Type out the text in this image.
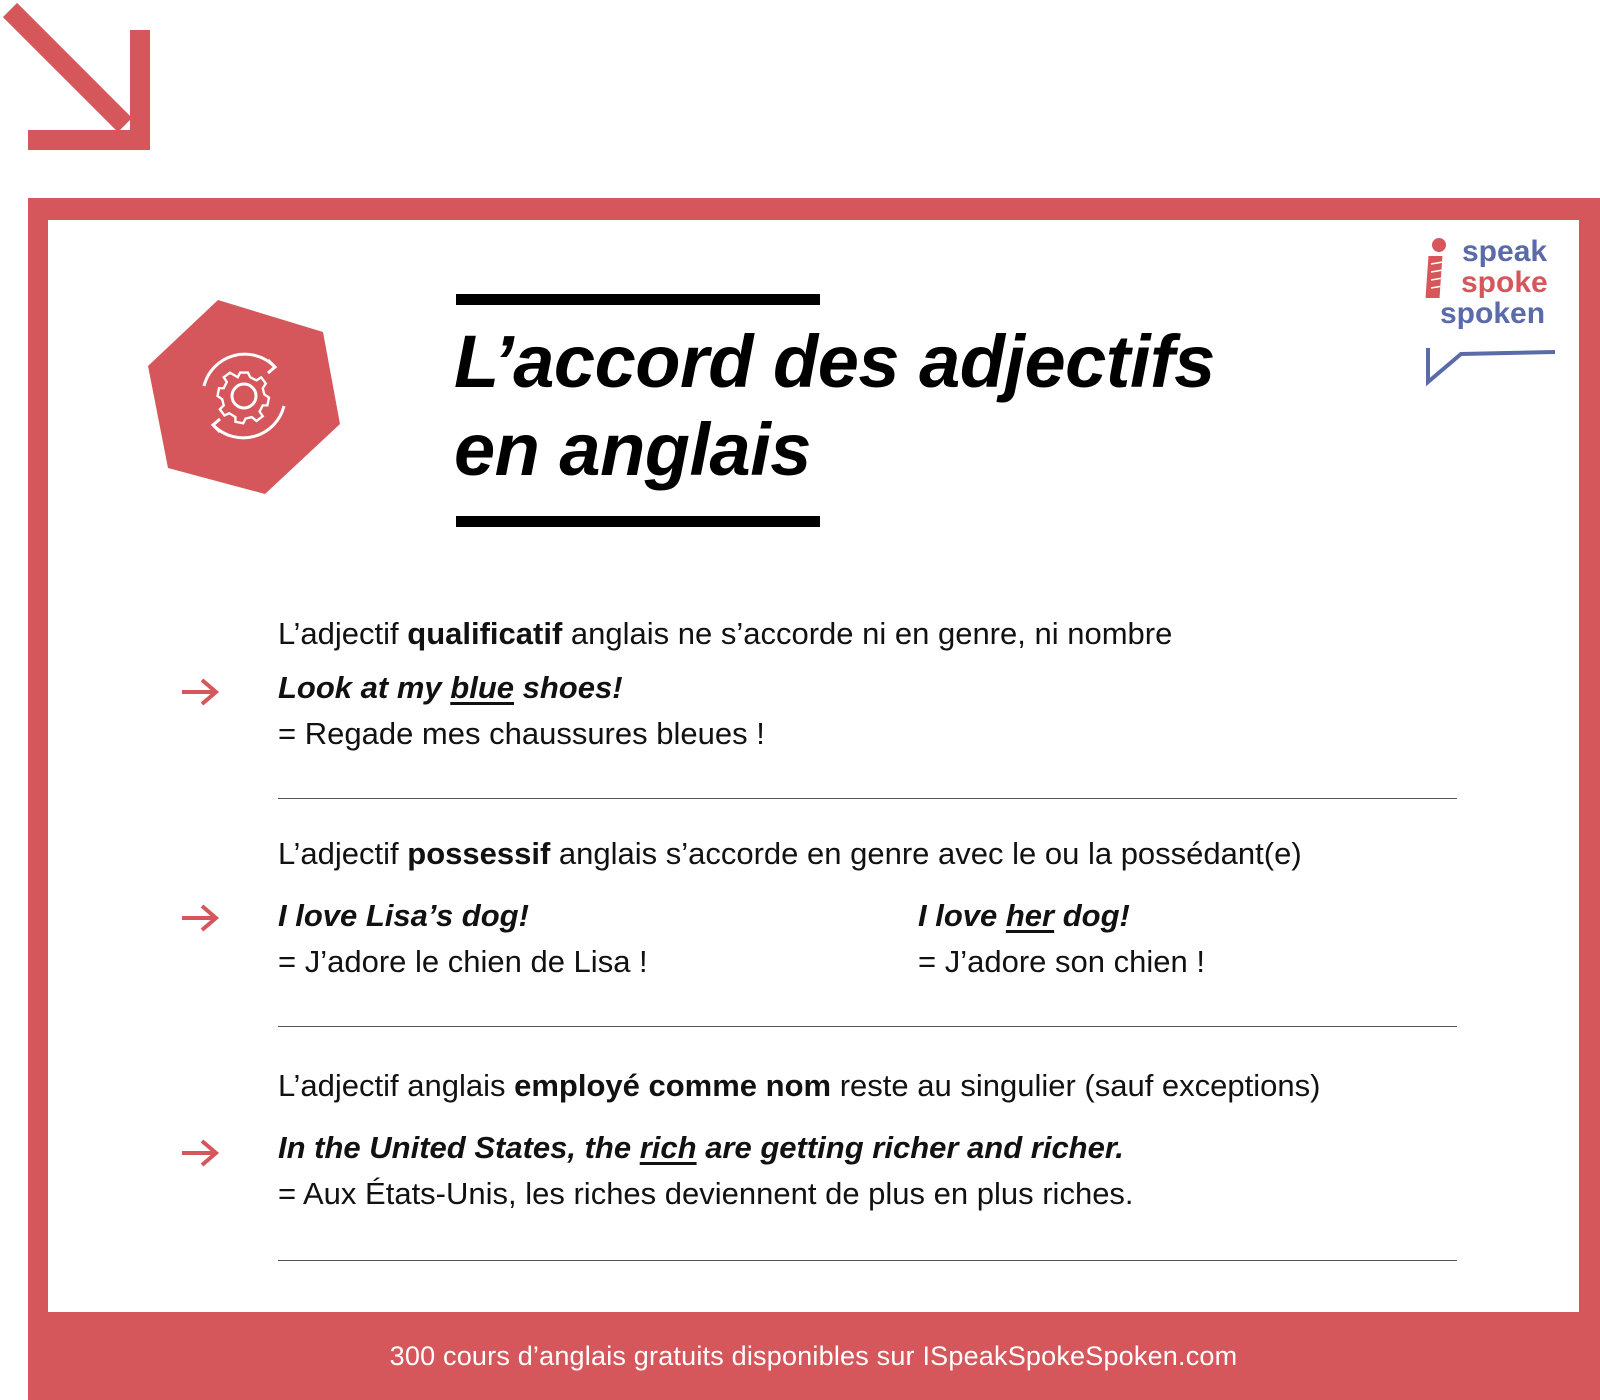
L’accord des adjectifs
en anglais
speak
spoke
spoken
L’adjectif qualificatif anglais ne s’accorde ni en genre, ni nombre
Look at my blue shoes!
= Regade mes chaussures bleues !
L’adjectif possessif anglais s’accorde en genre avec le ou la possédant(e)
I love Lisa’s dog!
= J’adore le chien de Lisa !
I love her dog!
= J’adore son chien !
L’adjectif anglais employé comme nom reste au singulier (sauf exceptions)
In the United States, the rich are getting richer and richer.
= Aux États-Unis, les riches deviennent de plus en plus riches.
300 cours d’anglais gratuits disponibles sur ISpeakSpokeSpoken.com
